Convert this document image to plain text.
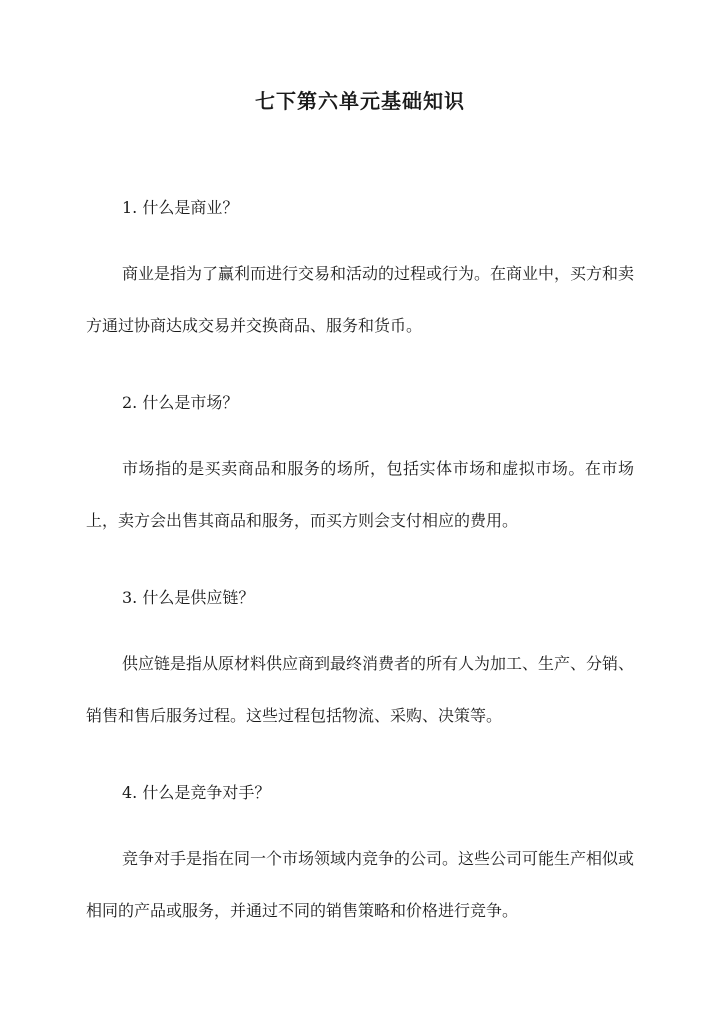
七下第六单元基础知识

1. 什么是商业？

商业是指为了赢利而进行交易和活动的过程或行为。在商业中，买方和卖方通过协商达成交易并交换商品、服务和货币。

2. 什么是市场？

市场指的是买卖商品和服务的场所，包括实体市场和虚拟市场。在市场上，卖方会出售其商品和服务，而买方则会支付相应的费用。

3. 什么是供应链？

供应链是指从原材料供应商到最终消费者的所有人为加工、生产、分销、销售和售后服务过程。这些过程包括物流、采购、决策等。

4. 什么是竞争对手？

竞争对手是指在同一个市场领域内竞争的公司。这些公司可能生产相似或相同的产品或服务，并通过不同的销售策略和价格进行竞争。
